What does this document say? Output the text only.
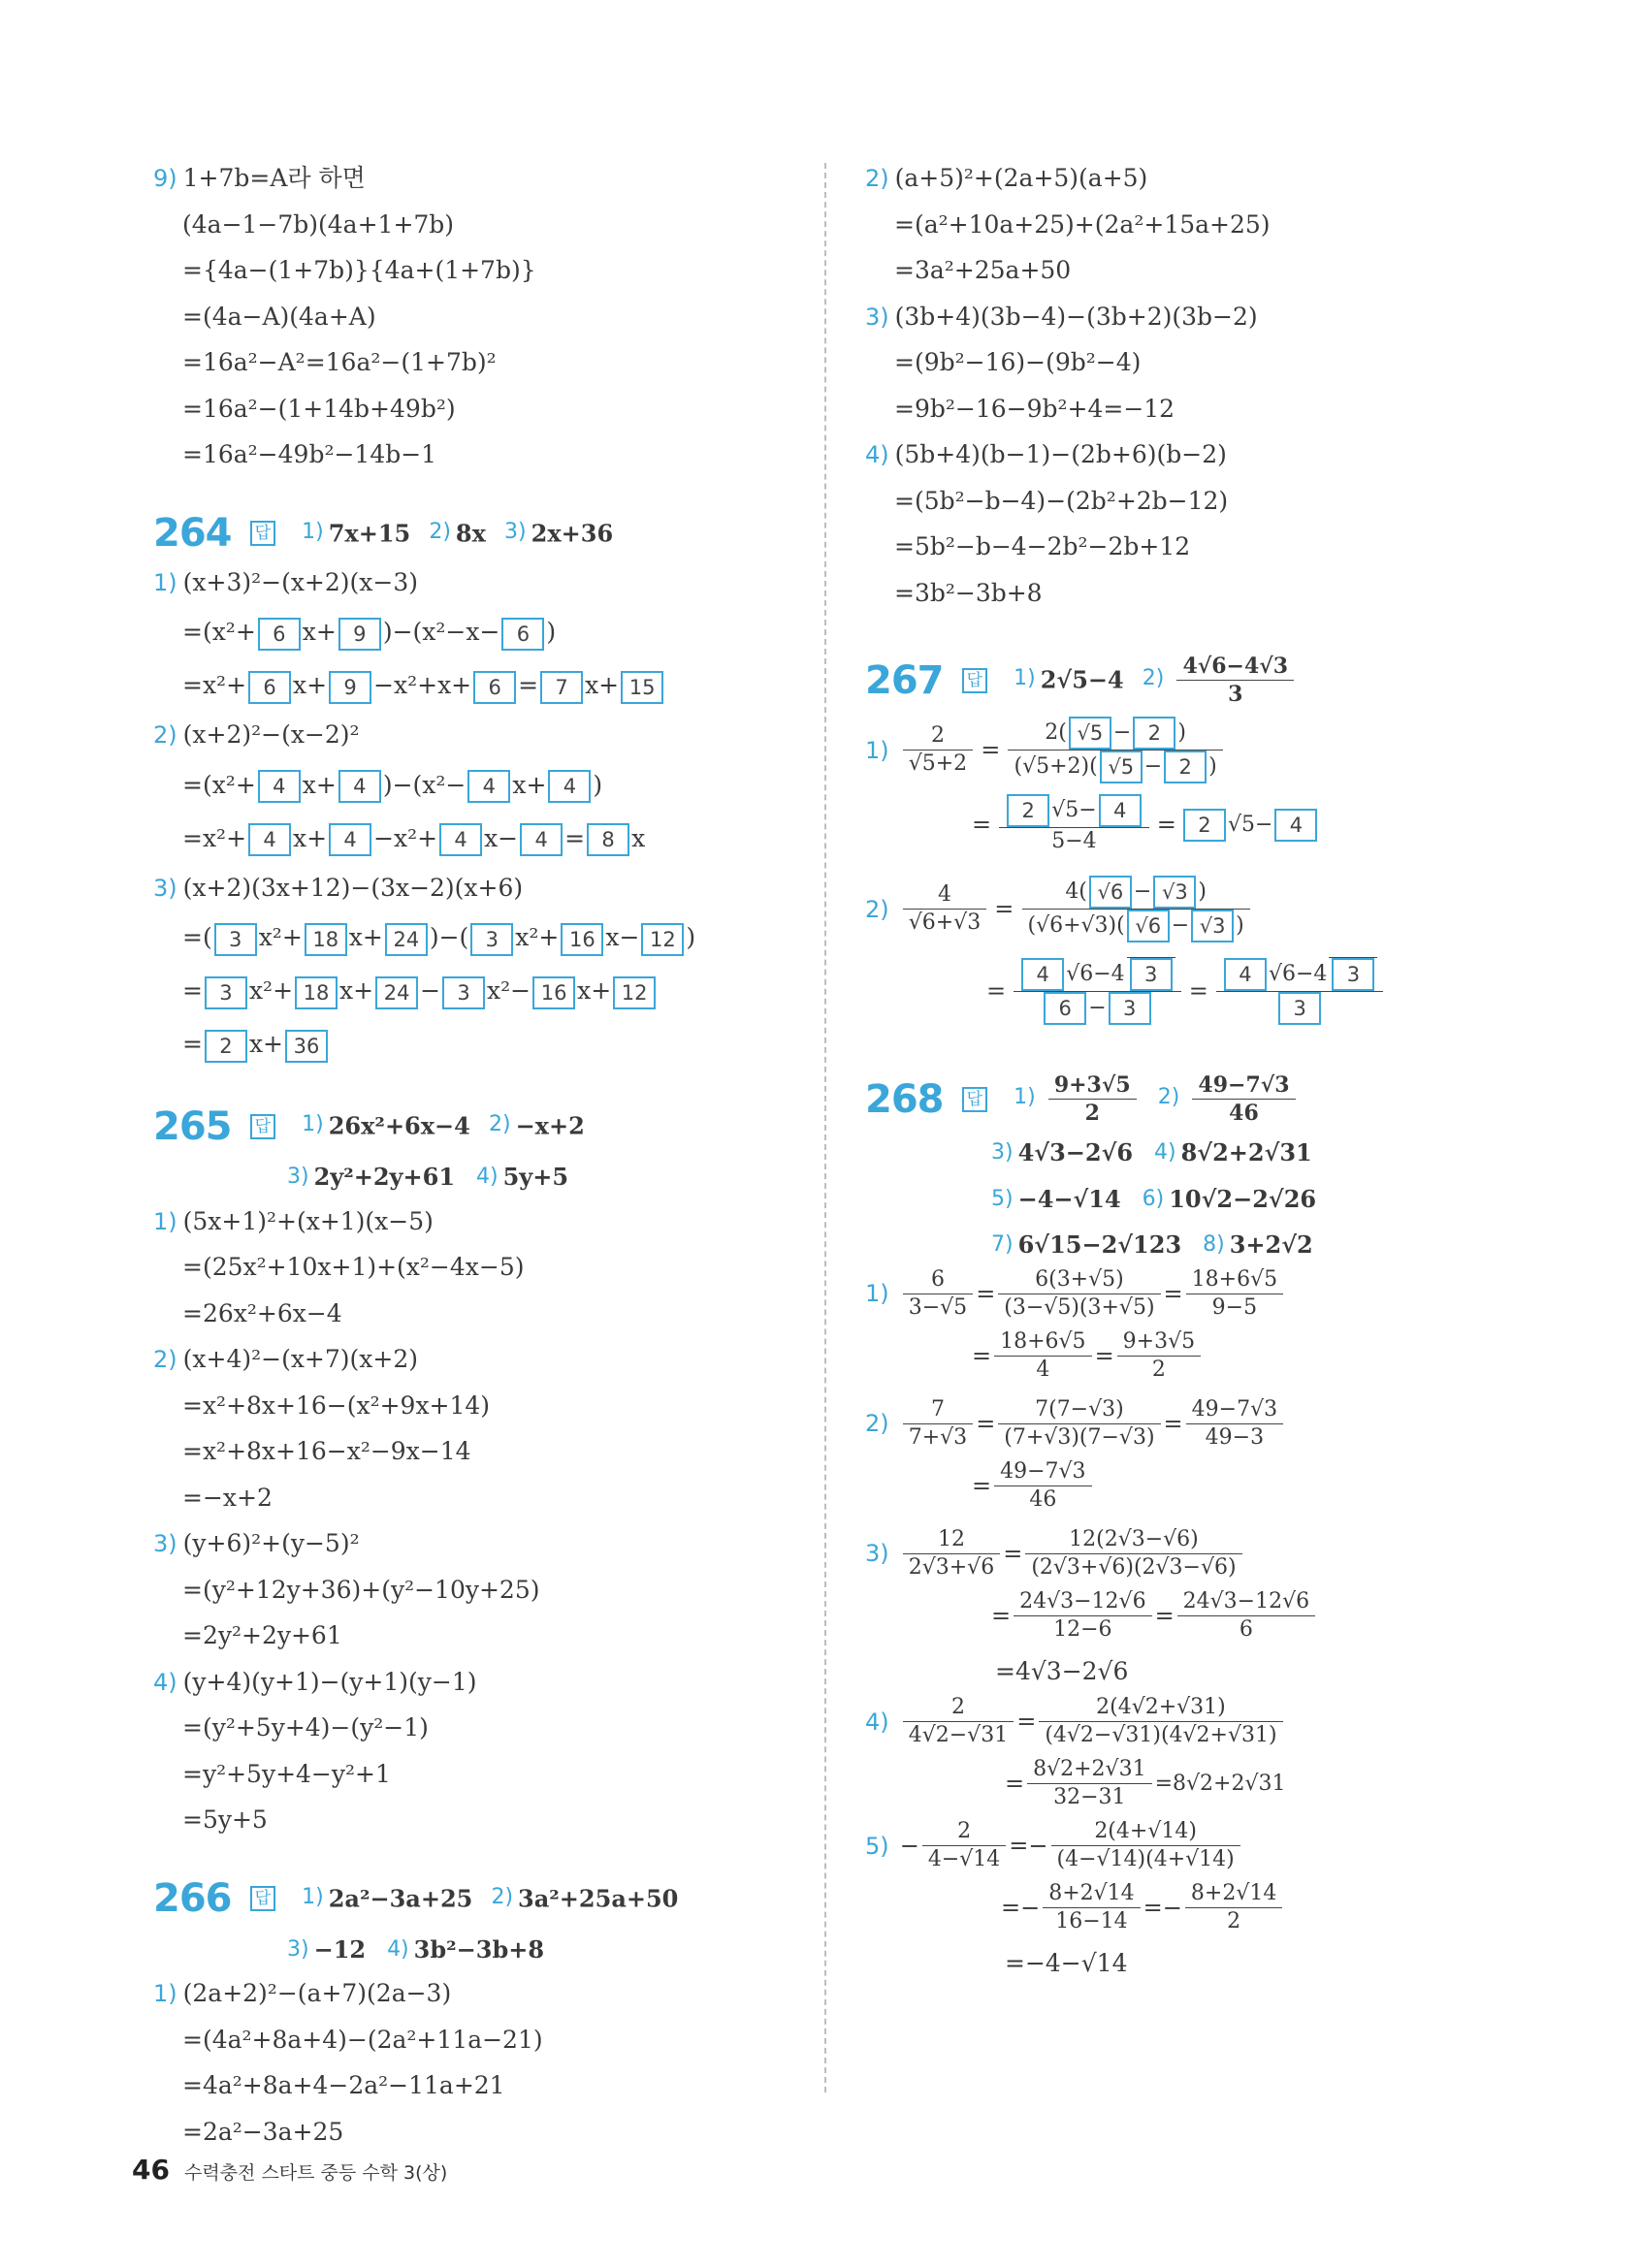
9) 1+7b=A라 하면
(4a−1−7b)(4a+1+7b)
={4a−(1+7b)}{4a+(1+7b)}
=(4a−A)(4a+A)
=16a²−A²=16a²−(1+7b)²
=16a²−(1+14b+49b²)
=16a²−49b²−14b−1
264 답 1) 7x+15 2) 8x 3) 2x+36
1) (x+3)²−(x+2)(x−3)
=(x²+ 6 x+ 9 )−(x²−x− 6 )
=x²+ 6 x+ 9 −x²+x+ 6 = 7 x+ 15
2) (x+2)²−(x−2)²
=(x²+ 4 x+ 4 )−(x²− 4 x+ 4 )
=x²+ 4 x+ 4 −x²+ 4 x− 4 = 8 x
3) (x+2)(3x+12)−(3x−2)(x+6)
=( 3 x²+ 18 x+ 24 )−( 3 x²+ 16 x− 12 )
= 3 x²+ 18 x+ 24 − 3 x²− 16 x+ 12
= 2 x+ 36
265 답 1) 26x²+6x−4 2) −x+2
3) 2y²+2y+61 4) 5y+5
1) (5x+1)²+(x+1)(x−5)
=(25x²+10x+1)+(x²−4x−5)
=26x²+6x−4
2) (x+4)²−(x+7)(x+2)
=x²+8x+16−(x²+9x+14)
=x²+8x+16−x²−9x−14
=−x+2
3) (y+6)²+(y−5)²
=(y²+12y+36)+(y²−10y+25)
=2y²+2y+61
4) (y+4)(y+1)−(y+1)(y−1)
=(y²+5y+4)−(y²−1)
=y²+5y+4−y²+1
=5y+5
266 답 1) 2a²−3a+25 2) 3a²+25a+50
3) −12 4) 3b²−3b+8
1) (2a+2)²−(a+7)(2a−3)
=(4a²+8a+4)−(2a²+11a−21)
=4a²+8a+4−2a²−11a+21
=2a²−3a+25
2) (a+5)²+(2a+5)(a+5)
=(a²+10a+25)+(2a²+15a+25)
=3a²+25a+50
3) (3b+4)(3b−4)−(3b+2)(3b−2)
=(9b²−16)−(9b²−4)
=9b²−16−9b²+4=−12
4) (5b+4)(b−1)−(2b+6)(b−2)
=(5b²−b−4)−(2b²+2b−12)
=5b²−b−4−2b²−2b+12
=3b²−3b+8
267 답 1) 2√5−4 $2) \frac{4√6-4√3}{3}$
$1) \frac{2}{√5+2} = \frac{2( √5 - 2 )}{(√5+2)( √5 - 2 )}$
= $\frac{2 √5- 4}{5-4} = 2$ √5− 4
$2) \frac{4}{√6+√3} = \frac{4( √6 - √3 )}{(√6+√3)( √6 - √3 )}$
= $\frac{4 √6-4 3}{6 - 3} = \frac{4 √6-4 3}{3}$
268 답 $1) \frac{9+3√5}{2} 2) \frac{49-7√3}{46}$
3) 4√3−2√6 4) 8√2+2√31
5) −4−√14 6) 10√2−2√26
7) 6√15−2√123 8) 3+2√2
$1) \frac{6}{3-√5} = \frac{6(3+√5)}{(3-√5)(3+√5)} = \frac{18+6√5}{9-5}$
= $\frac{18+6√5}{4} = \frac{9+3√5}{2}$
$2) \frac{7}{7+√3} = \frac{7(7-√3)}{(7+√3)(7-√3)} = \frac{49-7√3}{49-3}$
= $\frac{49-7√3}{46}$
$3) \frac{12}{2√3+√6} = \frac{12(2√3-√6)}{(2√3+√6)(2√3-√6)}$
= $\frac{24√3-12√6}{12-6} = \frac{24√3-12√6}{6}$
=4√3−2√6
$4) \frac{2}{4√2-√31} = \frac{2(4√2+√31)}{(4√2-√31)(4√2+√31)}$
= $\frac{8√2+2√31}{32-31} =8√2+2√31$
$5) - \frac{2}{4-√14} =- \frac{2(4+√14)}{(4-√14)(4+√14)}$
=− $\frac{8+2√14}{16-14} =- \frac{8+2√14}{2}$
=−4−√14
46 수력충전 스타트 중등 수학 3(상)
